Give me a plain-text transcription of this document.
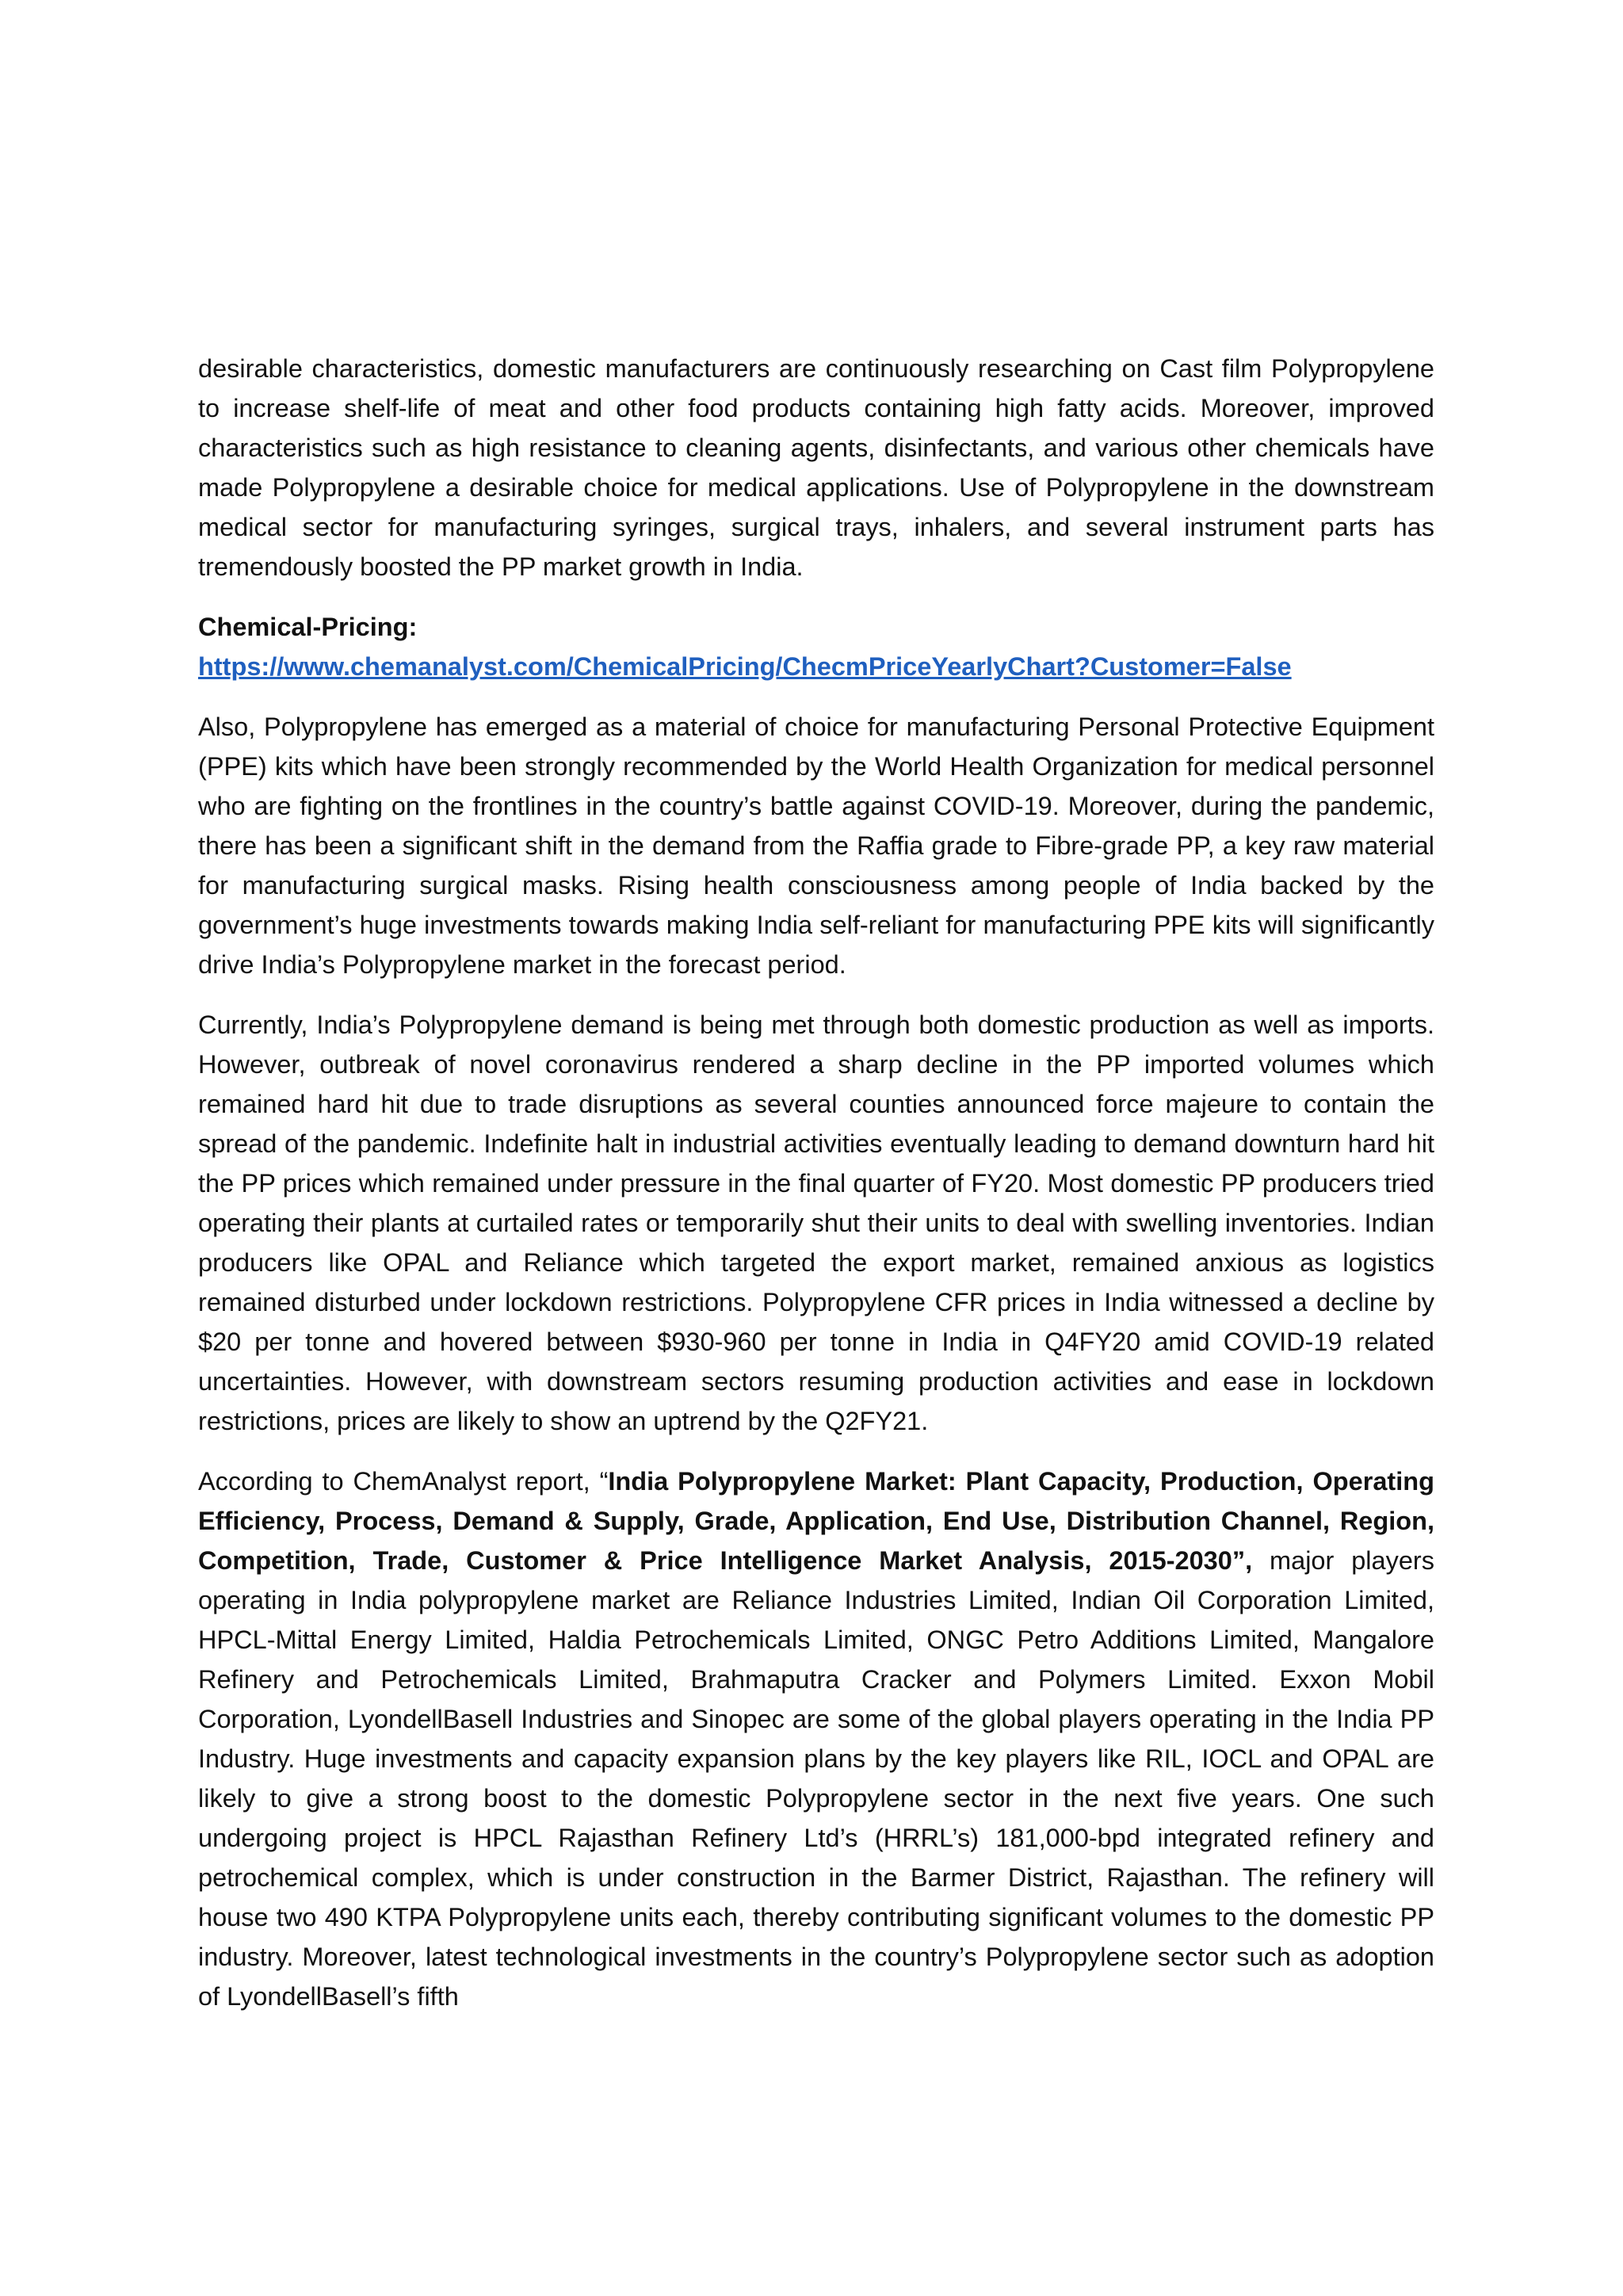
desirable characteristics, domestic manufacturers are continuously researching on Cast film Polypropylene to increase shelf-life of meat and other food products containing high fatty acids. Moreover, improved characteristics such as high resistance to cleaning agents, disinfectants, and various other chemicals have made Polypropylene a desirable choice for medical applications. Use of Polypropylene in the downstream medical sector for manufacturing syringes, surgical trays, inhalers, and several instrument parts has tremendously boosted the PP market growth in India.

Chemical-Pricing:

https://www.chemanalyst.com/ChemicalPricing/ChecmPriceYearlyChart?Customer=False

Also, Polypropylene has emerged as a material of choice for manufacturing Personal Protective Equipment (PPE) kits which have been strongly recommended by the World Health Organization for medical personnel who are fighting on the frontlines in the country’s battle against COVID-19. Moreover, during the pandemic, there has been a significant shift in the demand from the Raffia grade to Fibre-grade PP, a key raw material for manufacturing surgical masks. Rising health consciousness among people of India backed by the government’s huge investments towards making India self-reliant for manufacturing PPE kits will significantly drive India’s Polypropylene market in the forecast period.

Currently, India’s Polypropylene demand is being met through both domestic production as well as imports. However, outbreak of novel coronavirus rendered a sharp decline in the PP imported volumes which remained hard hit due to trade disruptions as several counties announced force majeure to contain the spread of the pandemic. Indefinite halt in industrial activities eventually leading to demand downturn hard hit the PP prices which remained under pressure in the final quarter of FY20. Most domestic PP producers tried operating their plants at curtailed rates or temporarily shut their units to deal with swelling inventories. Indian producers like OPAL and Reliance which targeted the export market, remained anxious as logistics remained disturbed under lockdown restrictions. Polypropylene CFR prices in India witnessed a decline by $20 per tonne and hovered between $930-960 per tonne in India in Q4FY20 amid COVID-19 related uncertainties. However, with downstream sectors resuming production activities and ease in lockdown restrictions, prices are likely to show an uptrend by the Q2FY21.

According to ChemAnalyst report, “India Polypropylene Market: Plant Capacity, Production, Operating Efficiency, Process, Demand & Supply, Grade, Application, End Use, Distribution Channel, Region, Competition, Trade, Customer & Price Intelligence Market Analysis, 2015-2030”, major players operating in India polypropylene market are Reliance Industries Limited, Indian Oil Corporation Limited, HPCL-Mittal Energy Limited, Haldia Petrochemicals Limited, ONGC Petro Additions Limited, Mangalore Refinery and Petrochemicals Limited, Brahmaputra Cracker and Polymers Limited. Exxon Mobil Corporation, LyondellBasell Industries and Sinopec are some of the global players operating in the India PP Industry. Huge investments and capacity expansion plans by the key players like RIL, IOCL and OPAL are likely to give a strong boost to the domestic Polypropylene sector in the next five years. One such undergoing project is HPCL Rajasthan Refinery Ltd’s (HRRL’s) 181,000-bpd integrated refinery and petrochemical complex, which is under construction in the Barmer District, Rajasthan. The refinery will house two 490 KTPA Polypropylene units each, thereby contributing significant volumes to the domestic PP industry. Moreover, latest technological investments in the country’s Polypropylene sector such as adoption of LyondellBasell’s fifth
